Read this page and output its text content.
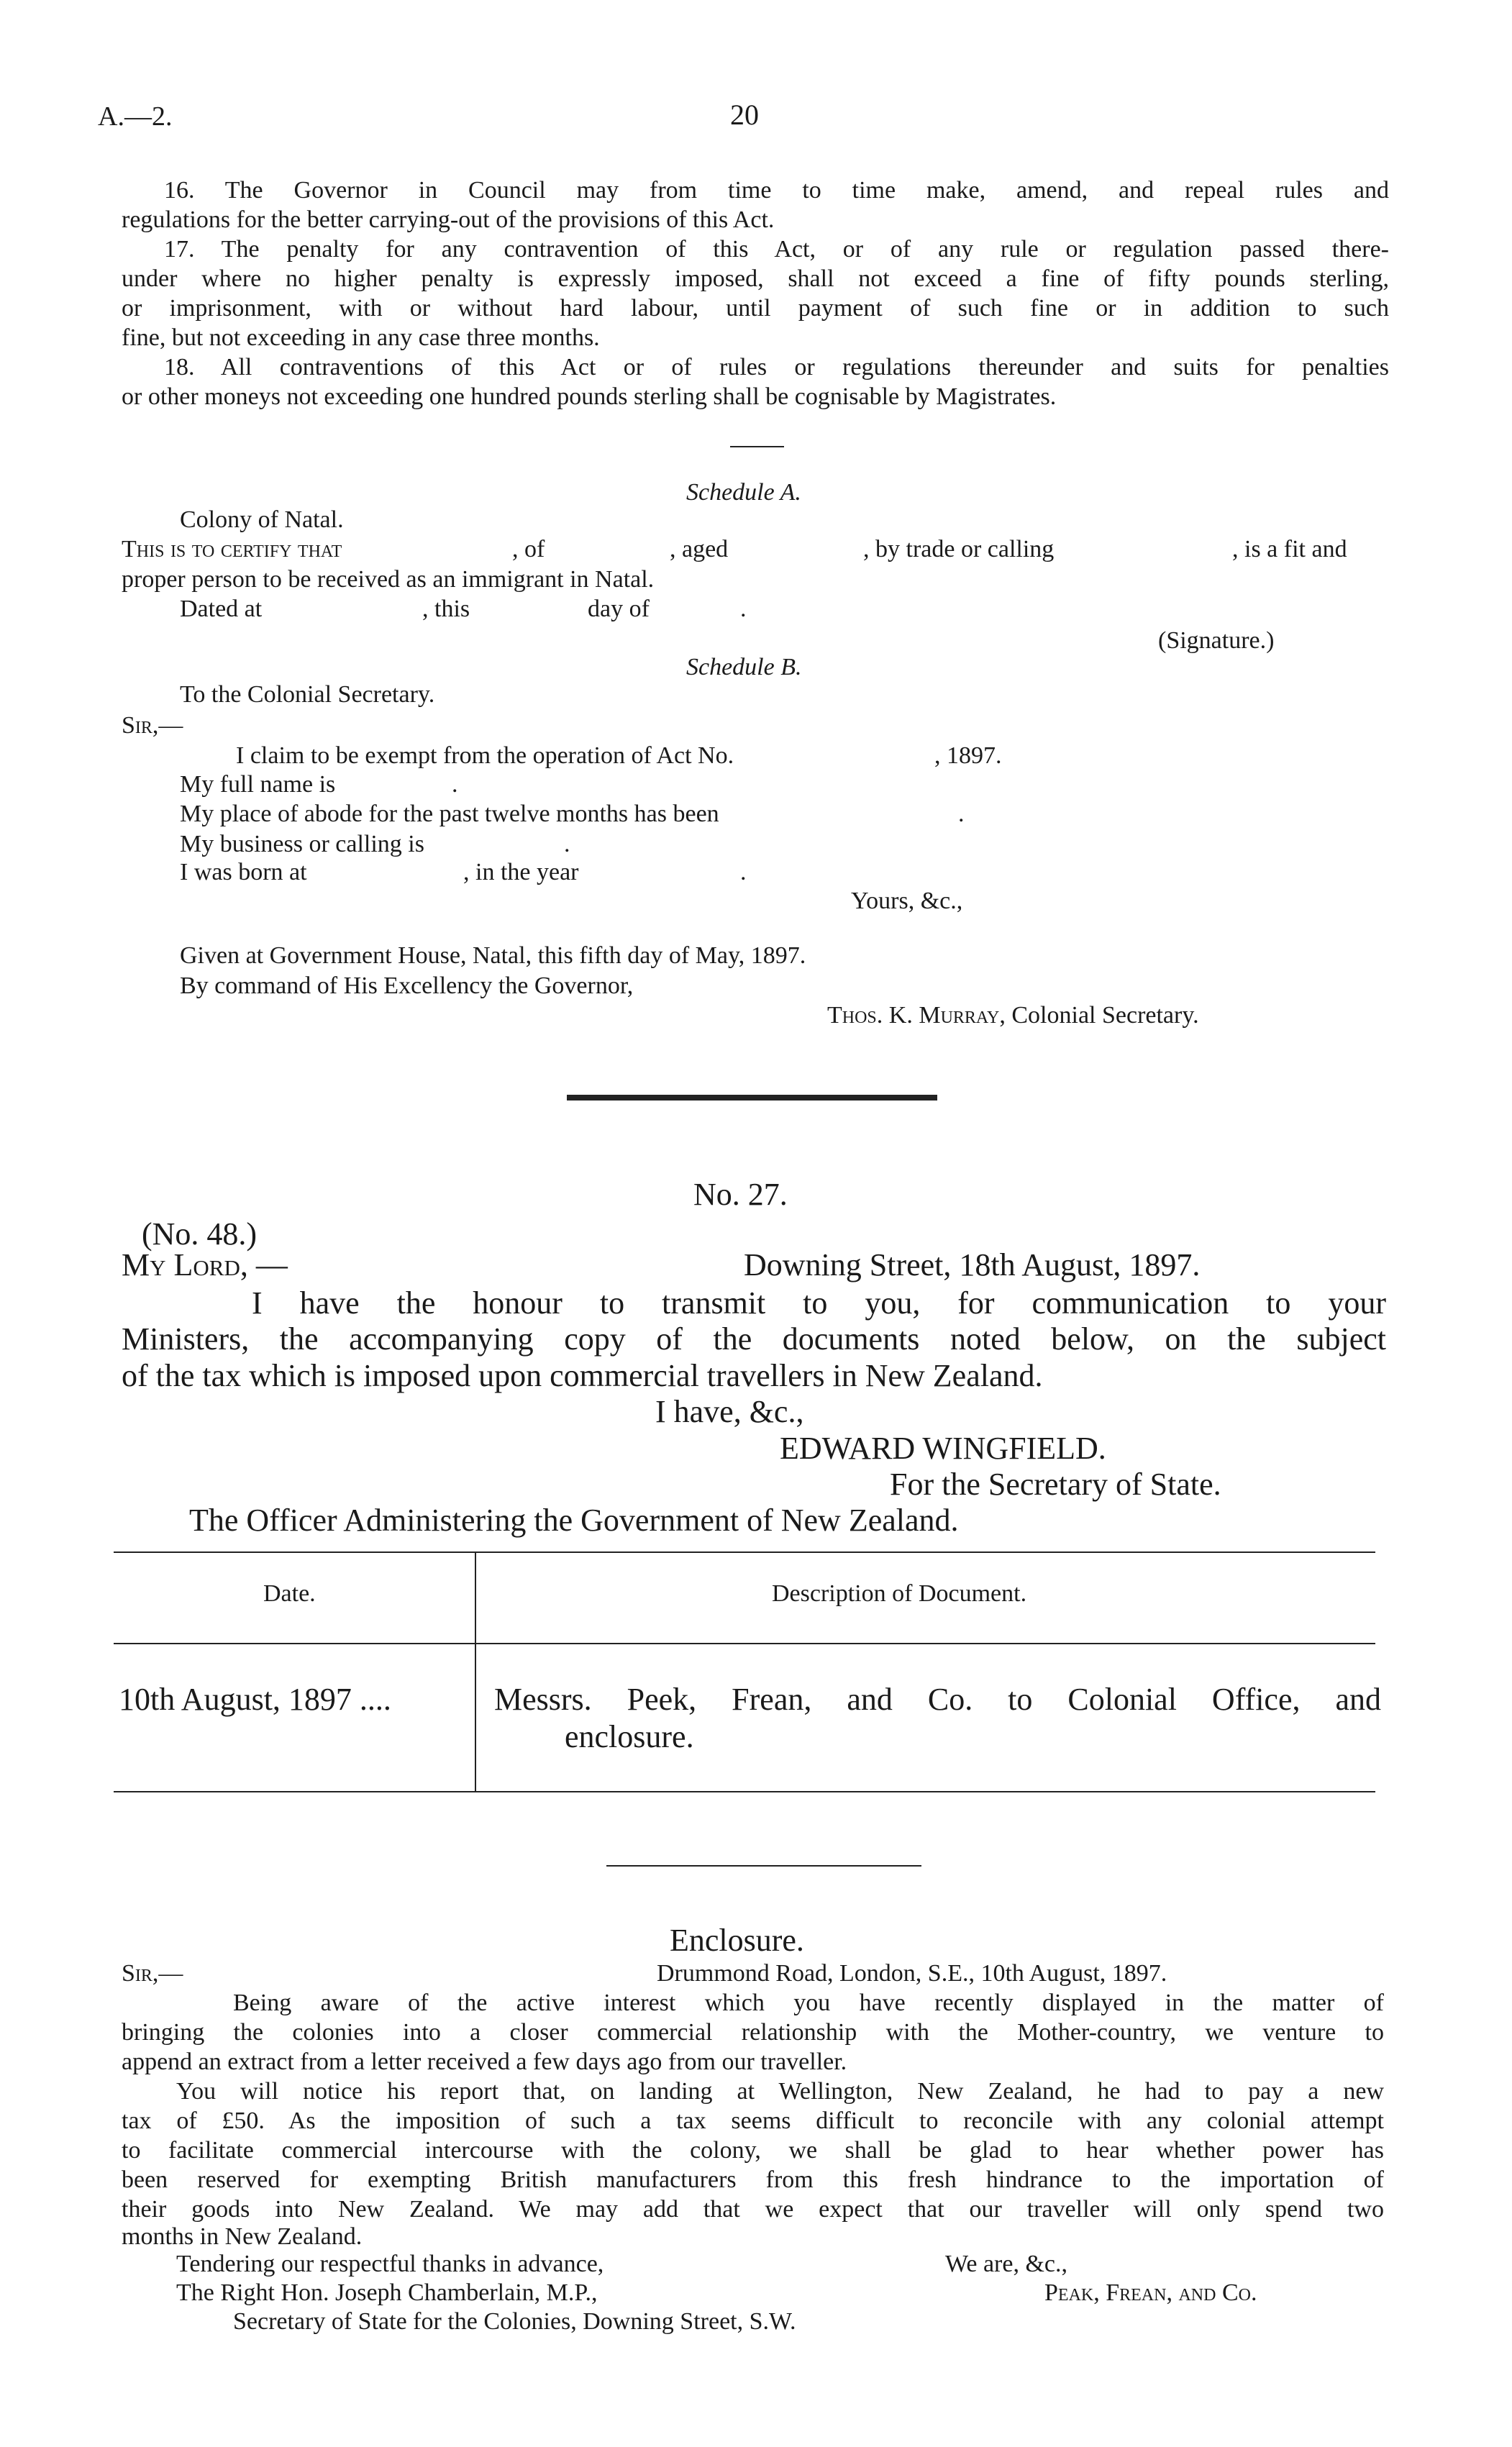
A.—2.	20
16. The Governor in Council may from time to time make, amend, and repeal rules and
regulations for the better carrying-out of the provisions of this Act.
17. The penalty for any contravention of this Act, or of any rule or regulation passed there-
under where no higher penalty is expressly imposed, shall not exceed a fine of fifty pounds sterling,
or imprisonment, with or without hard labour, until payment of such fine or in addition to such
fine, but not exceeding in any case three months.
18. All contraventions of this Act or of rules or regulations thereunder and suits for penalties
or other moneys not exceeding one hundred pounds sterling shall be cognisable by Magistrates.
Schedule A.
Colony of Natal.
This is to certify that	, of	, aged	, by trade or calling	, is a fit and
proper person to be received as an immigrant in Natal.
Dated at	, this	day of	.
(Signature.)
Schedule B.
To the Colonial Secretary.
Sir,—
I claim to be exempt from the operation of Act No.	, 1897.
My full name is	.
My place of abode for the past twelve months has been	.
My business or calling is	.
I was born at	, in the year	.
Yours, &c.,
Given at Government House, Natal, this fifth day of May, 1897.
By command of His Excellency the Governor,
Thos. K. Murray, Colonial Secretary.
No. 27.
(No. 48.)
My Lord, —	Downing Street, 18th August, 1897.
I have the honour to transmit to you, for communication to your
Ministers, the accompanying copy of the documents noted below, on the subject
of the tax which is imposed upon commercial travellers in New Zealand.
I have, &c.,
EDWARD WINGFIELD.
For the Secretary of State.
The Officer Administering the Government of New Zealand.
Date.	Description of Document.
10th August, 1897 ....	Messrs. Peek, Frean, and Co. to Colonial Office, and
enclosure.
Enclosure.
Sir,—	Drummond Road, London, S.E., 10th August, 1897.
Being aware of the active interest which you have recently displayed in the matter of
bringing the colonies into a closer commercial relationship with the Mother-country, we venture to
append an extract from a letter received a few days ago from our traveller.
You will notice his report that, on landing at Wellington, New Zealand, he had to pay a new
tax of £50. As the imposition of such a tax seems difficult to reconcile with any colonial attempt
to facilitate commercial intercourse with the colony, we shall be glad to hear whether power has
been reserved for exempting British manufacturers from this fresh hindrance to the importation of
their goods into New Zealand. We may add that we expect that our traveller will only spend two
months in New Zealand.
Tendering our respectful thanks in advance,	We are, &c.,
The Right Hon. Joseph Chamberlain, M.P.,	Peak, Frean, and Co.
Secretary of State for the Colonies, Downing Street, S.W.
